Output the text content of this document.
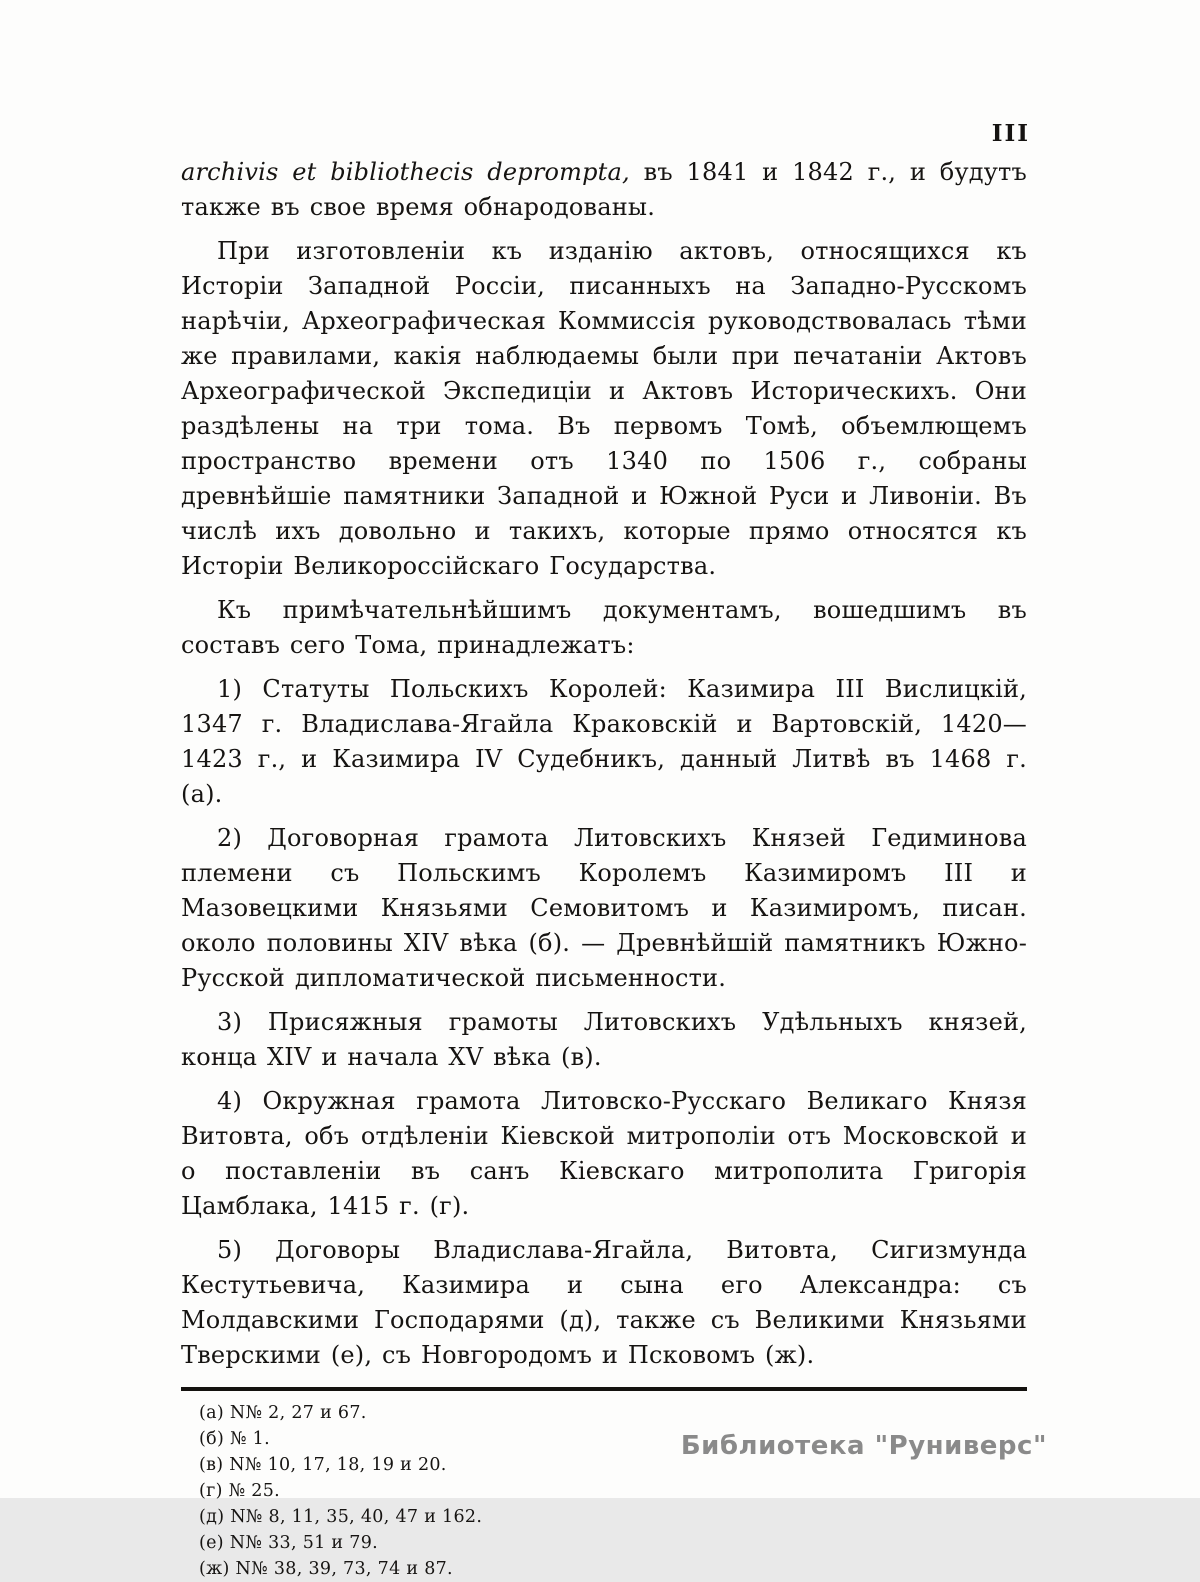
III

archivis et bibliothecis deprompta, въ 1841 и 1842 г., и будутъ также въ свое время обнародованы.

При изготовленіи къ изданію актовъ, относящихся къ Исторіи Западной Россіи, писанныхъ на Западно-Русскомъ нарѣчіи, Археографическая Коммиссія руководствовалась тѣми же правилами, какія наблюдаемы были при печатаніи Актовъ Археографической Экспедиціи и Актовъ Историческихъ. Они раздѣлены на три тома. Въ первомъ Томѣ, объемлющемъ пространство времени отъ 1340 по 1506 г., собраны древнѣйшіе памятники Западной и Южной Руси и Ливоніи. Въ числѣ ихъ довольно и такихъ, которые прямо относятся къ Исторіи Великороссійскаго Государства.

Къ примѣчательнѣйшимъ документамъ, вошедшимъ въ составъ сего Тома, принадлежатъ:

1) Статуты Польскихъ Королей: Казимира III Вислицкій, 1347 г. Владислава-Ягайла Краковскій и Вартовскій, 1420—1423 г., и Казимира IV Судебникъ, данный Литвѣ въ 1468 г. (а).

2) Договорная грамота Литовскихъ Князей Гедиминова племени съ Польскимъ Королемъ Казимиромъ III и Мазовецкими Князьями Семовитомъ и Казимиромъ, писан. около половины XIV вѣка (б). — Древнѣйшій памятникъ Южно-Русской дипломатической письменности.

3) Присяжныя грамоты Литовскихъ Удѣльныхъ князей, конца XIV и начала XV вѣка (в).

4) Окружная грамота Литовско-Русскаго Великаго Князя Витовта, объ отдѣленіи Кіевской митрополіи отъ Московской и о поставленіи въ санъ Кіевскаго митрополита Григорія Цамблака, 1415 г. (г).

5) Договоры Владислава-Ягайла, Витовта, Сигизмунда Кестутьевича, Казимира и сына его Александра: съ Молдавскими Господарями (д), также съ Великими Князьями Тверскими (е), съ Новгородомъ и Псковомъ (ж).

(а) N№ 2, 27 и 67.
(б) № 1.
(в) N№ 10, 17, 18, 19 и 20.
(г) № 25.
(д) N№ 8, 11, 35, 40, 47 и 162.
(е) N№ 33, 51 и 79.
(ж) N№ 38, 39, 73, 74 и 87.
Библиотека "Руниверс"
